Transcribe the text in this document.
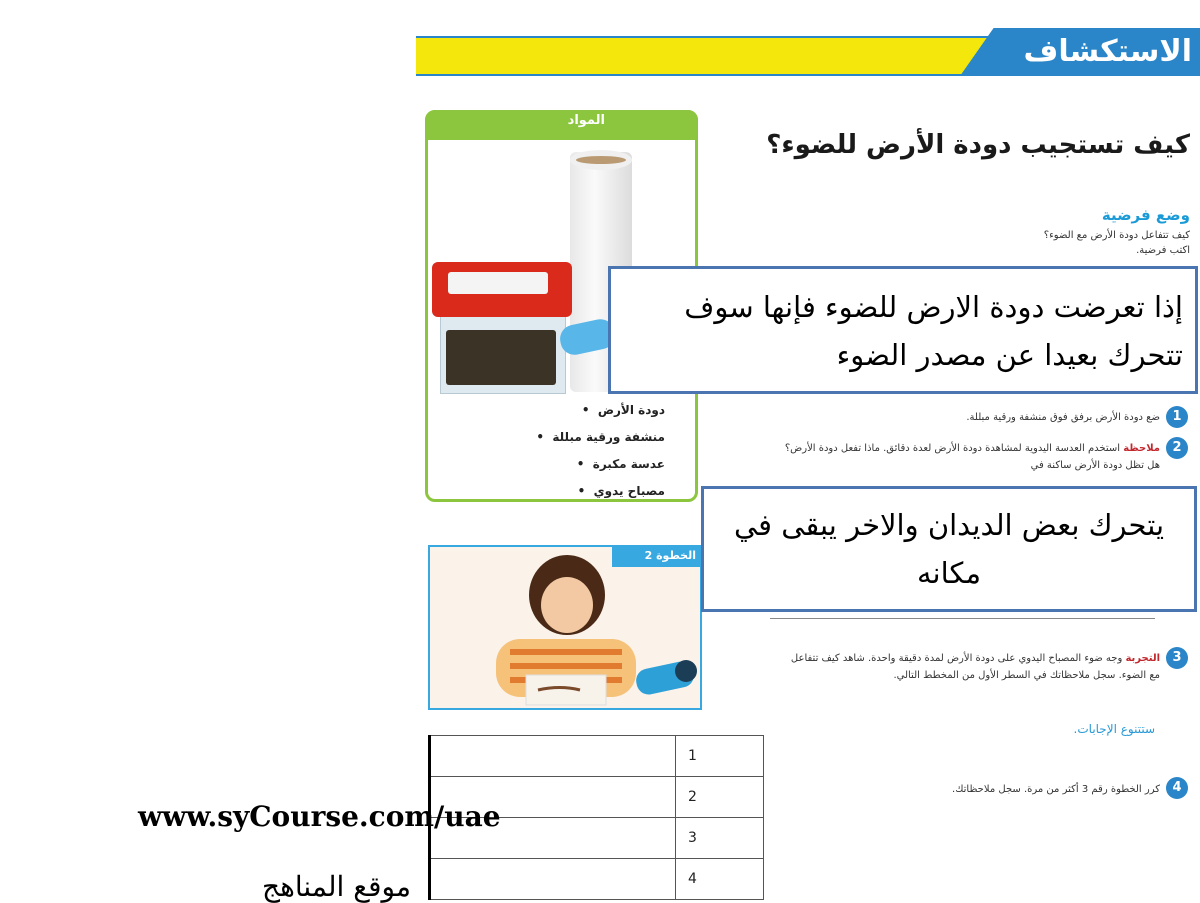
الاستكشاف
المواد
دودة الأرض  •
منشفة ورقية مبللة  •
عدسة مكبرة  •
مصباح يدوي  •
كيف تستجيب دودة الأرض للضوء؟
وضع فرضية
كيف تتفاعل دودة الأرض مع الضوء؟
اكتب فرضية.
إذا تعرضت دودة الارض للضوء فإنها سوف تتحرك بعيدا عن مصدر الضوء
1
ضع دودة الأرض برفق فوق منشفة ورقية مبللة.
2
ملاحظة استخدم العدسة اليدوية لمشاهدة دودة الأرض لعدة دقائق. ماذا تفعل دودة الأرض؟ هل تظل دودة الأرض ساكنة في
الخطوة 2
يتحرك بعض الديدان والاخر يبقى في مكانه
3
التجربة وجه ضوء المصباح اليدوي على دودة الأرض لمدة دقيقة واحدة. شاهد كيف تتفاعل مع الضوء. سجل ملاحظاتك في السطر الأول من المخطط التالي.
ستتنوع الإجابات.
4
كرر الخطوة رقم 3 أكثر من مرة. سجل ملاحظاتك.
	1
	2
	3
	4
www.syCourse.com/uae
موقع المناهج
